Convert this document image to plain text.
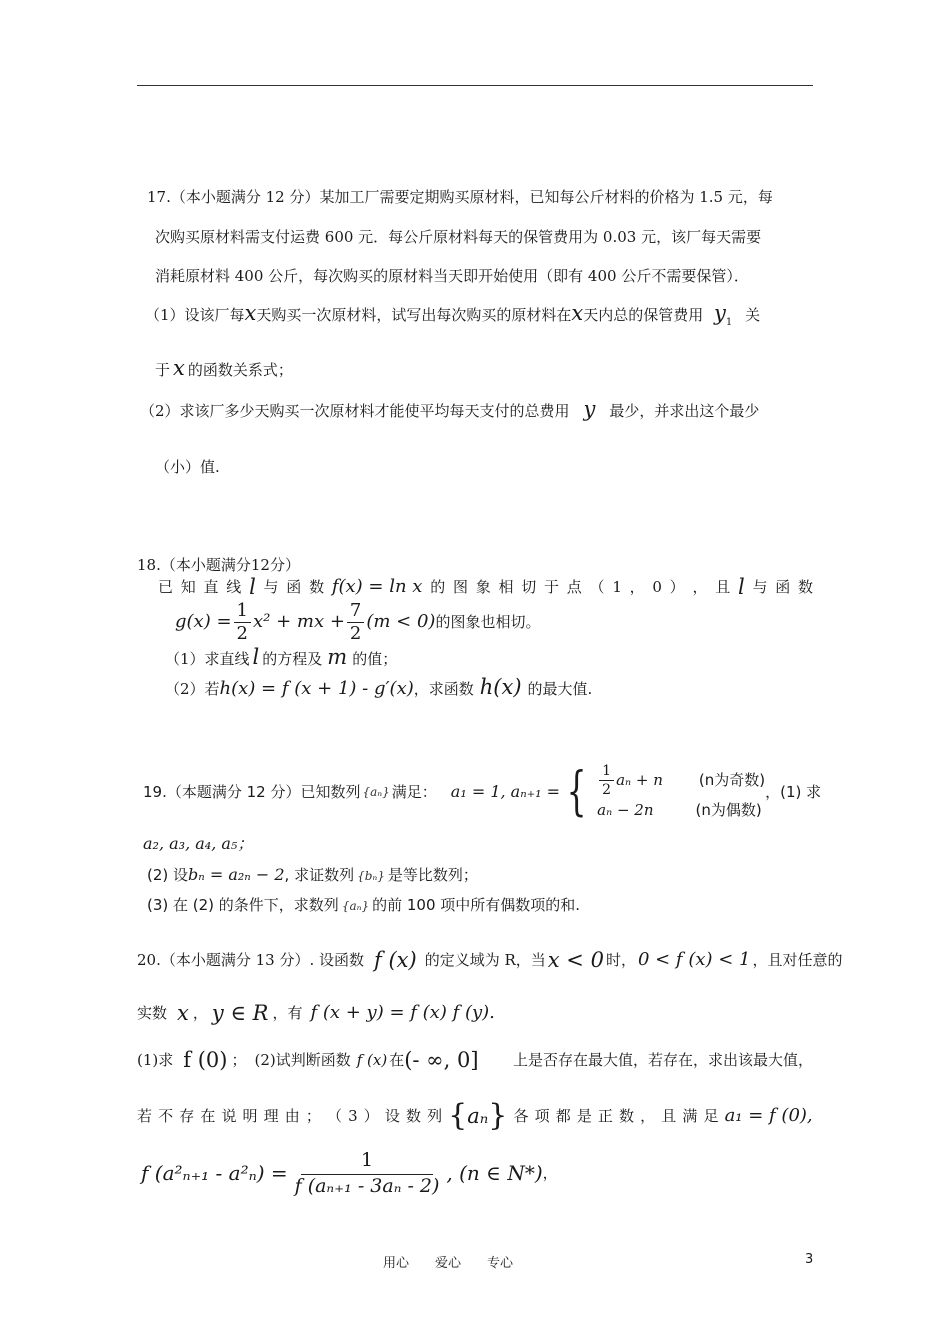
17.（本小题满分 12 分）某加工厂需要定期购买原材料，已知每公斤材料的价格为 1.5 元，每
次购买原材料需支付运费 600 元．每公斤原材料每天的保管费用为 0.03 元，该厂每天需要
消耗原材料 400 公斤，每次购买的原材料当天即开始使用（即有 400 公斤不需要保管）．
（1）设该厂每x天购买一次原材料，试写出每次购买的原材料在x天内总的保管费用 $y_1$ 关
于 x 的函数关系式；
（2）求该厂多少天购买一次原材料才能使平均每天支付的总费用 y 最少，并求出这个最少
（小）值.
18.（本小题满分12分）
已 知 直 线 l 与 函 数 f(x) = ln x 的 图 象 相 切 于 点 （ 1 ， 0 ） ， 且 l 与 函 数
$g(x) = \frac{1}{2} x^2$ + mx + $\frac{7}{2} (m < 0)$ 的图象也相切。
（1）求直线 l 的方程及 m 的值；
（2）若h(x) = f (x + 1) - g′(x)，求函数 h(x) 的最大值.
19.（本题满分 12 分）已知数列 {aₙ} 满足： a₁ = 1, aₙ₊₁ = { $\frac{1}{2}$ aₙ + n (n为奇数)
aₙ − 2n	(n为偶数)
，(1) 求
a₂, a₃, a₄, a₅；
(2) 设bₙ = a₂ₙ − 2, 求证数列 {bₙ} 是等比数列；
(3) 在 (2) 的条件下，求数列 {aₙ} 的前 100 项中所有偶数项的和.
20.（本小题满分 13 分）. 设函数 f (x) 的定义域为 R，当 x < 0 时， 0 < f (x) < 1 ，且对任意的
实数 x ， y ∈ R ，有 f (x + y) = f (x) f (y).
(1)求 f (0) ； (2)试判断函数 f (x) 在 (- ∞, 0] 上是否存在最大值，若存在，求出该最大值，
若 不 存 在 说 明 理 由 ； （ 3 ） 设 数 列 { aₙ } 各 项 都 是 正 数 ， 且 满 足 a₁ = f (0),
f $(a^2_{n+1} - a^2_n) = \frac{1}{\text{f (aₙ₊₁ - 3aₙ - 2)}}$ , (n ∈ N*) ，
用心　　爱心　　专心	3
